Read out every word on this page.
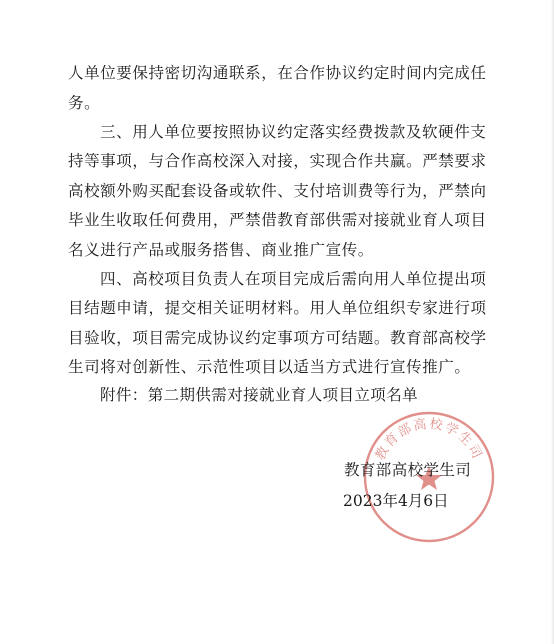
人单位要保持密切沟通联系，在合作协议约定时间内完成任
务。
三、用人单位要按照协议约定落实经费拨款及软硬件支
持等事项，与合作高校深入对接，实现合作共赢。严禁要求
高校额外购买配套设备或软件、支付培训费等行为，严禁向
毕业生收取任何费用，严禁借教育部供需对接就业育人项目
名义进行产品或服务搭售、商业推广宣传。
四、高校项目负责人在项目完成后需向用人单位提出项
目结题申请，提交相关证明材料。用人单位组织专家进行项
目验收，项目需完成协议约定事项方可结题。教育部高校学
生司将对创新性、示范性项目以适当方式进行宣传推广。
附件：第二期供需对接就业育人项目立项名单
教育部高校学生司
教育部高校学生司
2023年4月6日
